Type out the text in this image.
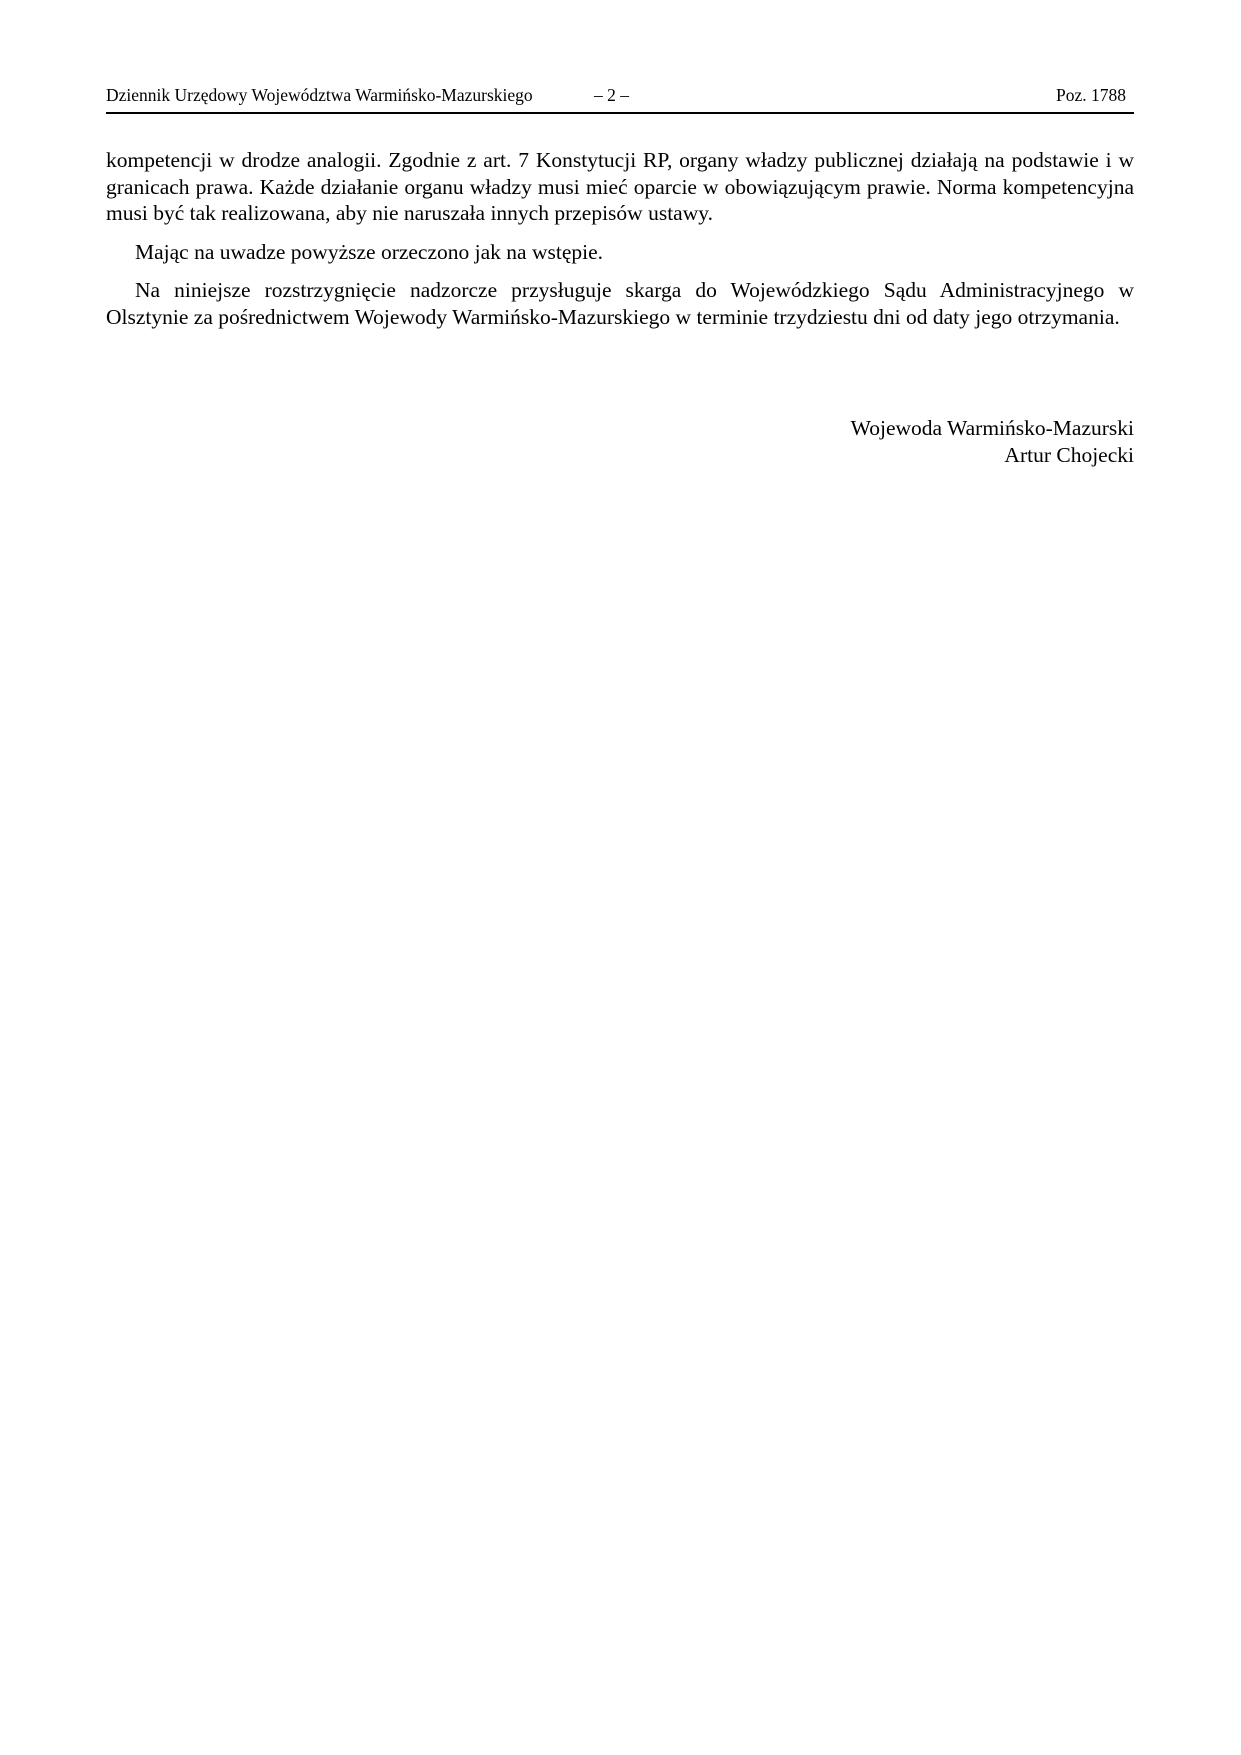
Dziennik Urzędowy Województwa Warmińsko-Mazurskiego	– 2 –	Poz. 1788

kompetencji w drodze analogii. Zgodnie z art. 7 Konstytucji RP, organy władzy publicznej działają na podstawie i w granicach prawa. Każde działanie organu władzy musi mieć oparcie w obowiązującym prawie. Norma kompetencyjna musi być tak realizowana, aby nie naruszała innych przepisów ustawy.

Mając na uwadze powyższe orzeczono jak na wstępie.

Na niniejsze rozstrzygnięcie nadzorcze przysługuje skarga do Wojewódzkiego Sądu Administracyjnego w Olsztynie za pośrednictwem Wojewody Warmińsko-Mazurskiego w terminie trzydziestu dni od daty jego otrzymania.

Wojewoda Warmińsko-Mazurski
Artur Chojecki
